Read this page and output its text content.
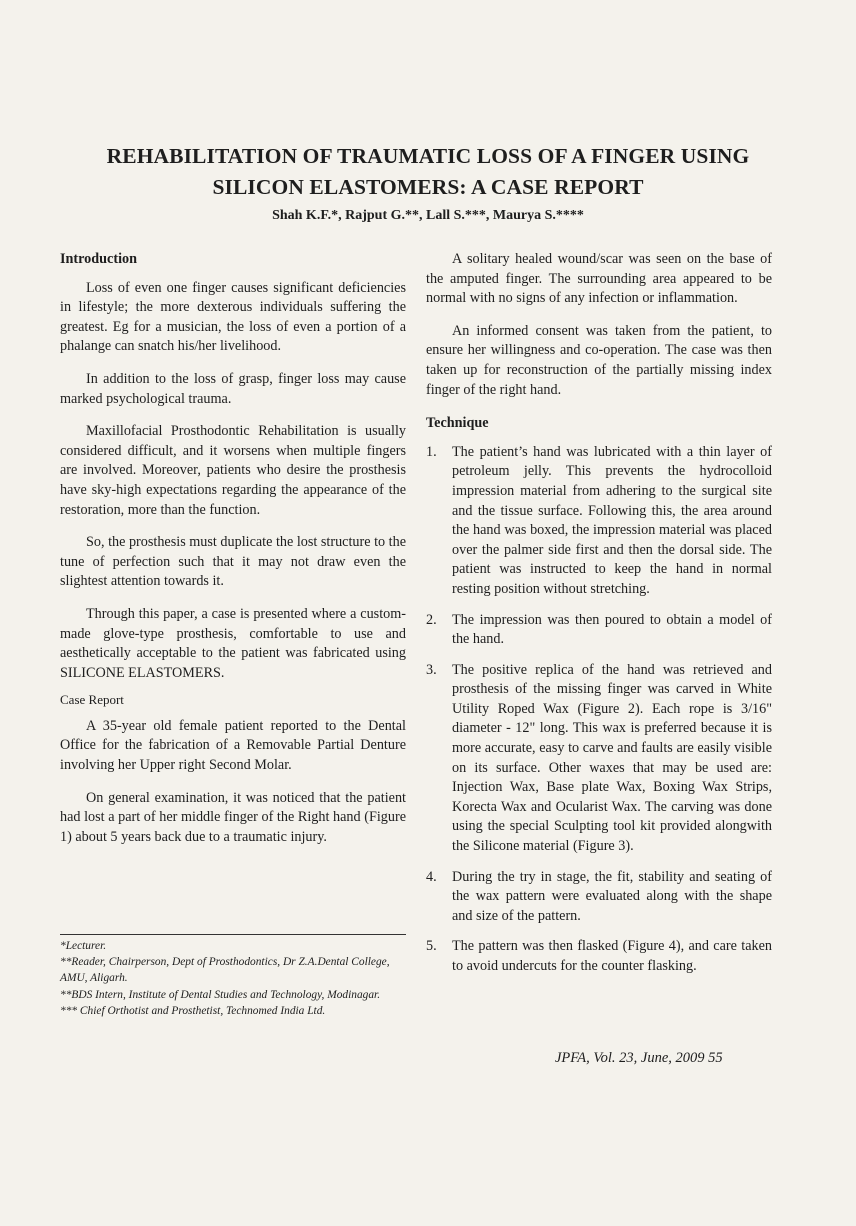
REHABILITATION OF TRAUMATIC LOSS OF A FINGER USING
SILICON ELASTOMERS: A CASE REPORT
Shah K.F.*, Rajput G.**, Lall S.***, Maurya S.****
Introduction

Loss of even one finger causes significant deficiencies in lifestyle; the more dexterous individuals suffering the greatest. Eg for a musician, the loss of even a portion of a phalange can snatch his/her livelihood.

In addition to the loss of grasp, finger loss may cause marked psychological trauma.

Maxillofacial Prosthodontic Rehabilitation is usually considered difficult, and it worsens when multiple fingers are involved. Moreover, patients who desire the prosthesis have sky-high expectations regarding the appearance of the restoration, more than the function.

So, the prosthesis must duplicate the lost structure to the tune of perfection such that it may not draw even the slightest attention towards it.

Through this paper, a case is presented where a custom-made glove-type prosthesis, comfortable to use and aesthetically acceptable to the patient was fabricated using SILICONE ELASTOMERS.

Case Report

A 35-year old female patient reported to the Dental Office for the fabrication of a Removable Partial Denture involving her Upper right Second Molar.

On general examination, it was noticed that the patient had lost a part of her middle finger of the Right hand (Figure 1) about 5 years back due to a traumatic injury.

*Lecturer.
**Reader, Chairperson, Dept of Prosthodontics, Dr Z.A.Dental College, AMU, Aligarh.
**BDS Intern, Institute of Dental Studies and Technology, Modinagar.
*** Chief Orthotist and Prosthetist, Technomed India Ltd.

A solitary healed wound/scar was seen on the base of the amputed finger. The surrounding area appeared to be normal with no signs of any infection or inflammation.

An informed consent was taken from the patient, to ensure her willingness and co-operation. The case was then taken up for reconstruction of the partially missing index finger of the right hand.

Technique
1. The patient’s hand was lubricated with a thin layer of petroleum jelly. This prevents the hydrocolloid impression material from adhering to the surgical site and the tissue surface. Following this, the area around the hand was boxed, the impression material was placed over the palmer side first and then the dorsal side. The patient was instructed to keep the hand in normal resting position without stretching.
2. The impression was then poured to obtain a model of the hand.
3. The positive replica of the hand was retrieved and prosthesis of the missing finger was carved in White Utility Roped Wax (Figure 2). Each rope is 3/16" diameter - 12" long. This wax is preferred because it is more accurate, easy to carve and faults are easily visible on its surface. Other waxes that may be used are: Injection Wax, Base plate Wax, Boxing Wax Strips, Korecta Wax and Ocularist Wax. The carving was done using the special Sculpting tool kit provided alongwith the Silicone material (Figure 3).
4. During the try in stage, the fit, stability and seating of the wax pattern were evaluated along with the shape and size of the pattern.
5. The pattern was then flasked (Figure 4), and care taken to avoid undercuts for the counter flasking.
JPFA, Vol. 23, June, 2009 55
